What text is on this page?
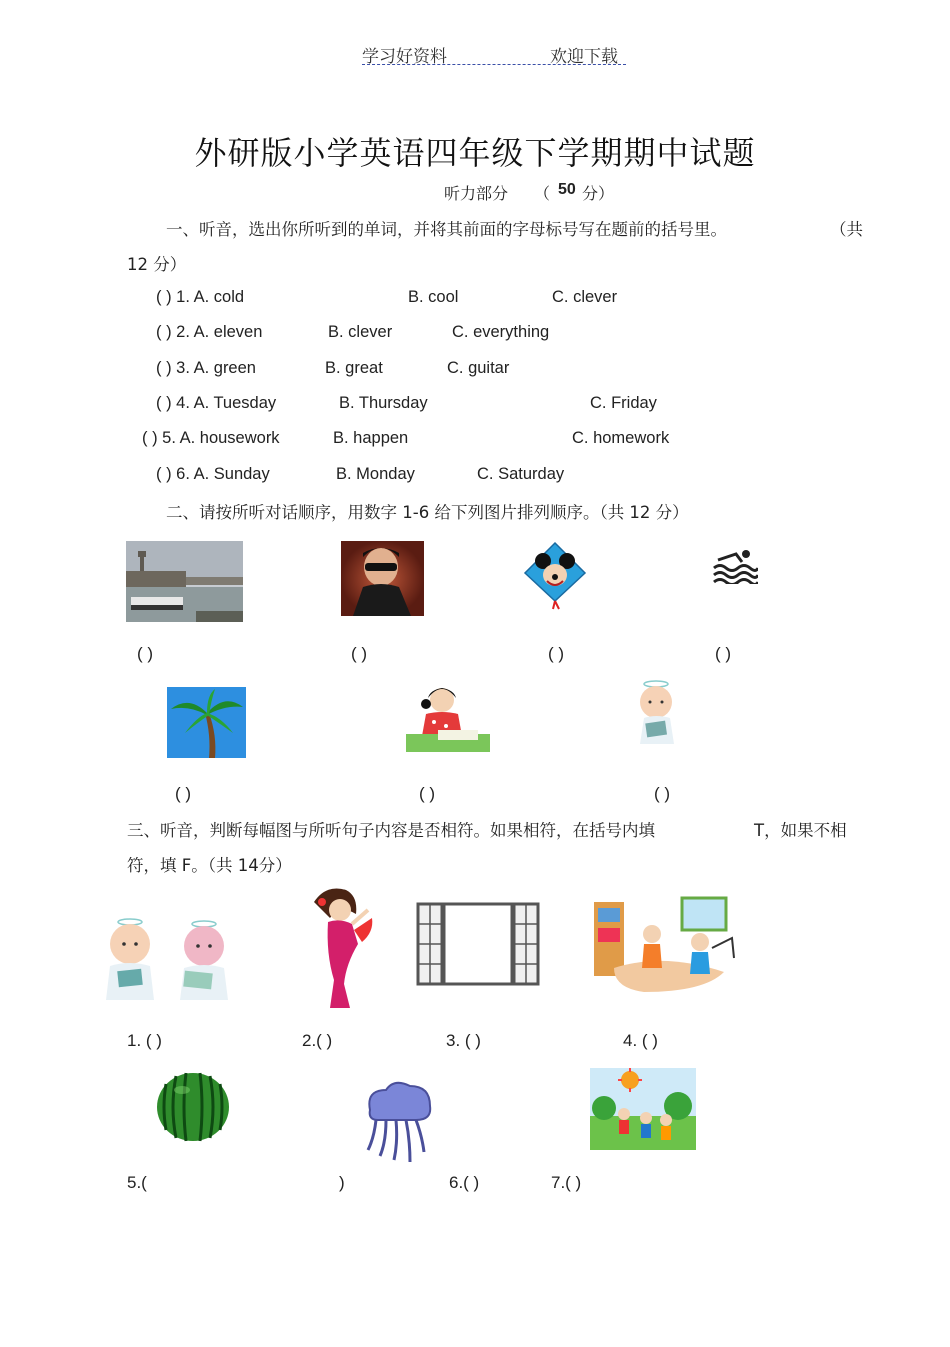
学习好资料	欢迎下载
外研版小学英语四年级下学期期中试题
听力部分 （ 50 分）
一、听音，选出你所听到的单词，并将其前面的字母标号写在题前的括号里。	（共
12 分）
( ) 1. A. cold	B. cool	C. clever
( ) 2. A. eleven	B. clever	C. everything
( ) 3. A. green	B. great	C. guitar
( ) 4. A. Tuesday	B. Thursday	C. Friday
( ) 5. A. housework	B. happen	C. homework
( ) 6. A. Sunday	B. Monday	C. Saturday
二、请按所听对话顺序，用数字 1-6 给下列图片排列顺序。（共 12 分）
( )	( )	( )	( )
( )	( )	( )
三、听音，判断每幅图与所听句子内容是否相符。如果相符，在括号内填	T，如果不相
符，填 F。（共 14分）
1. ( )	2.( )	3. ( )	4. ( )
5.(	)	6.( )	7.( )
